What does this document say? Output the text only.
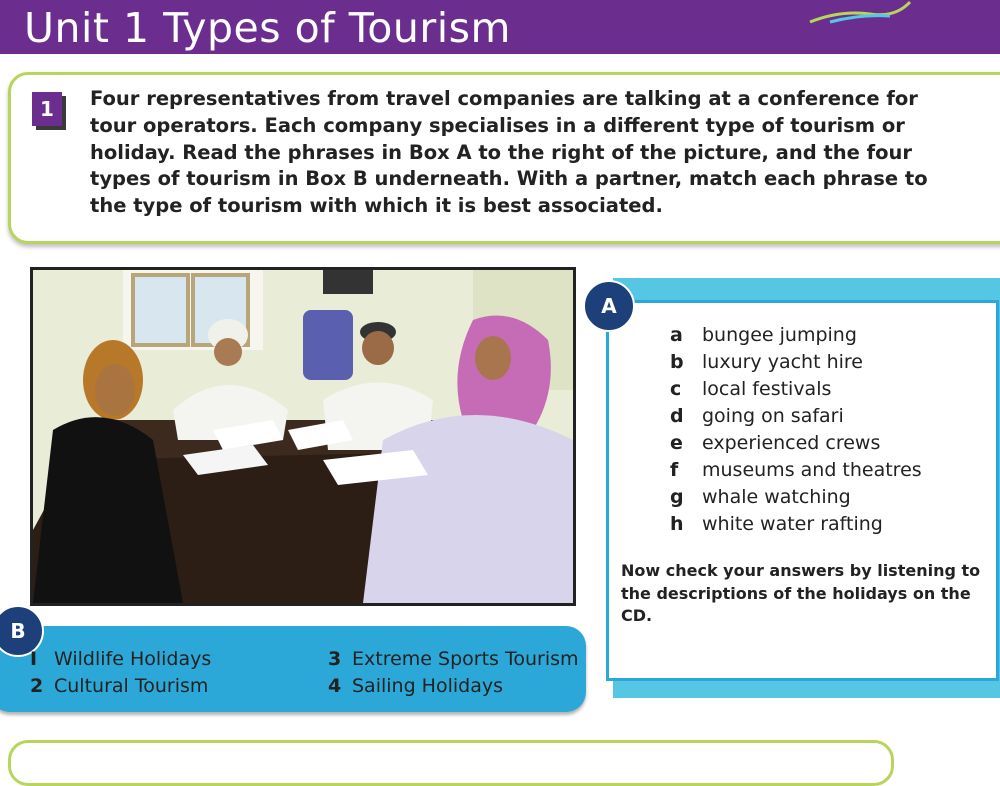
Unit 1 Types of Tourism
1	Four representatives from travel companies are talking at a conference for tour operators. Each company specialises in a different type of tourism or holiday. Read the phrases in Box A to the right of the picture, and the four types of tourism in Box B underneath. With a partner, match each phrase to the type of tourism with which it is best associated.
A
a bungee jumping
b luxury yacht hire
c local festivals
d going on safari
e experienced crews
f museums and theatres
g whale watching
h white water rafting
Now check your answers by listening to the descriptions of the holidays on the CD.
B
I Wildlife Holidays
2 Cultural Tourism
3 Extreme Sports Tourism
4 Sailing Holidays
